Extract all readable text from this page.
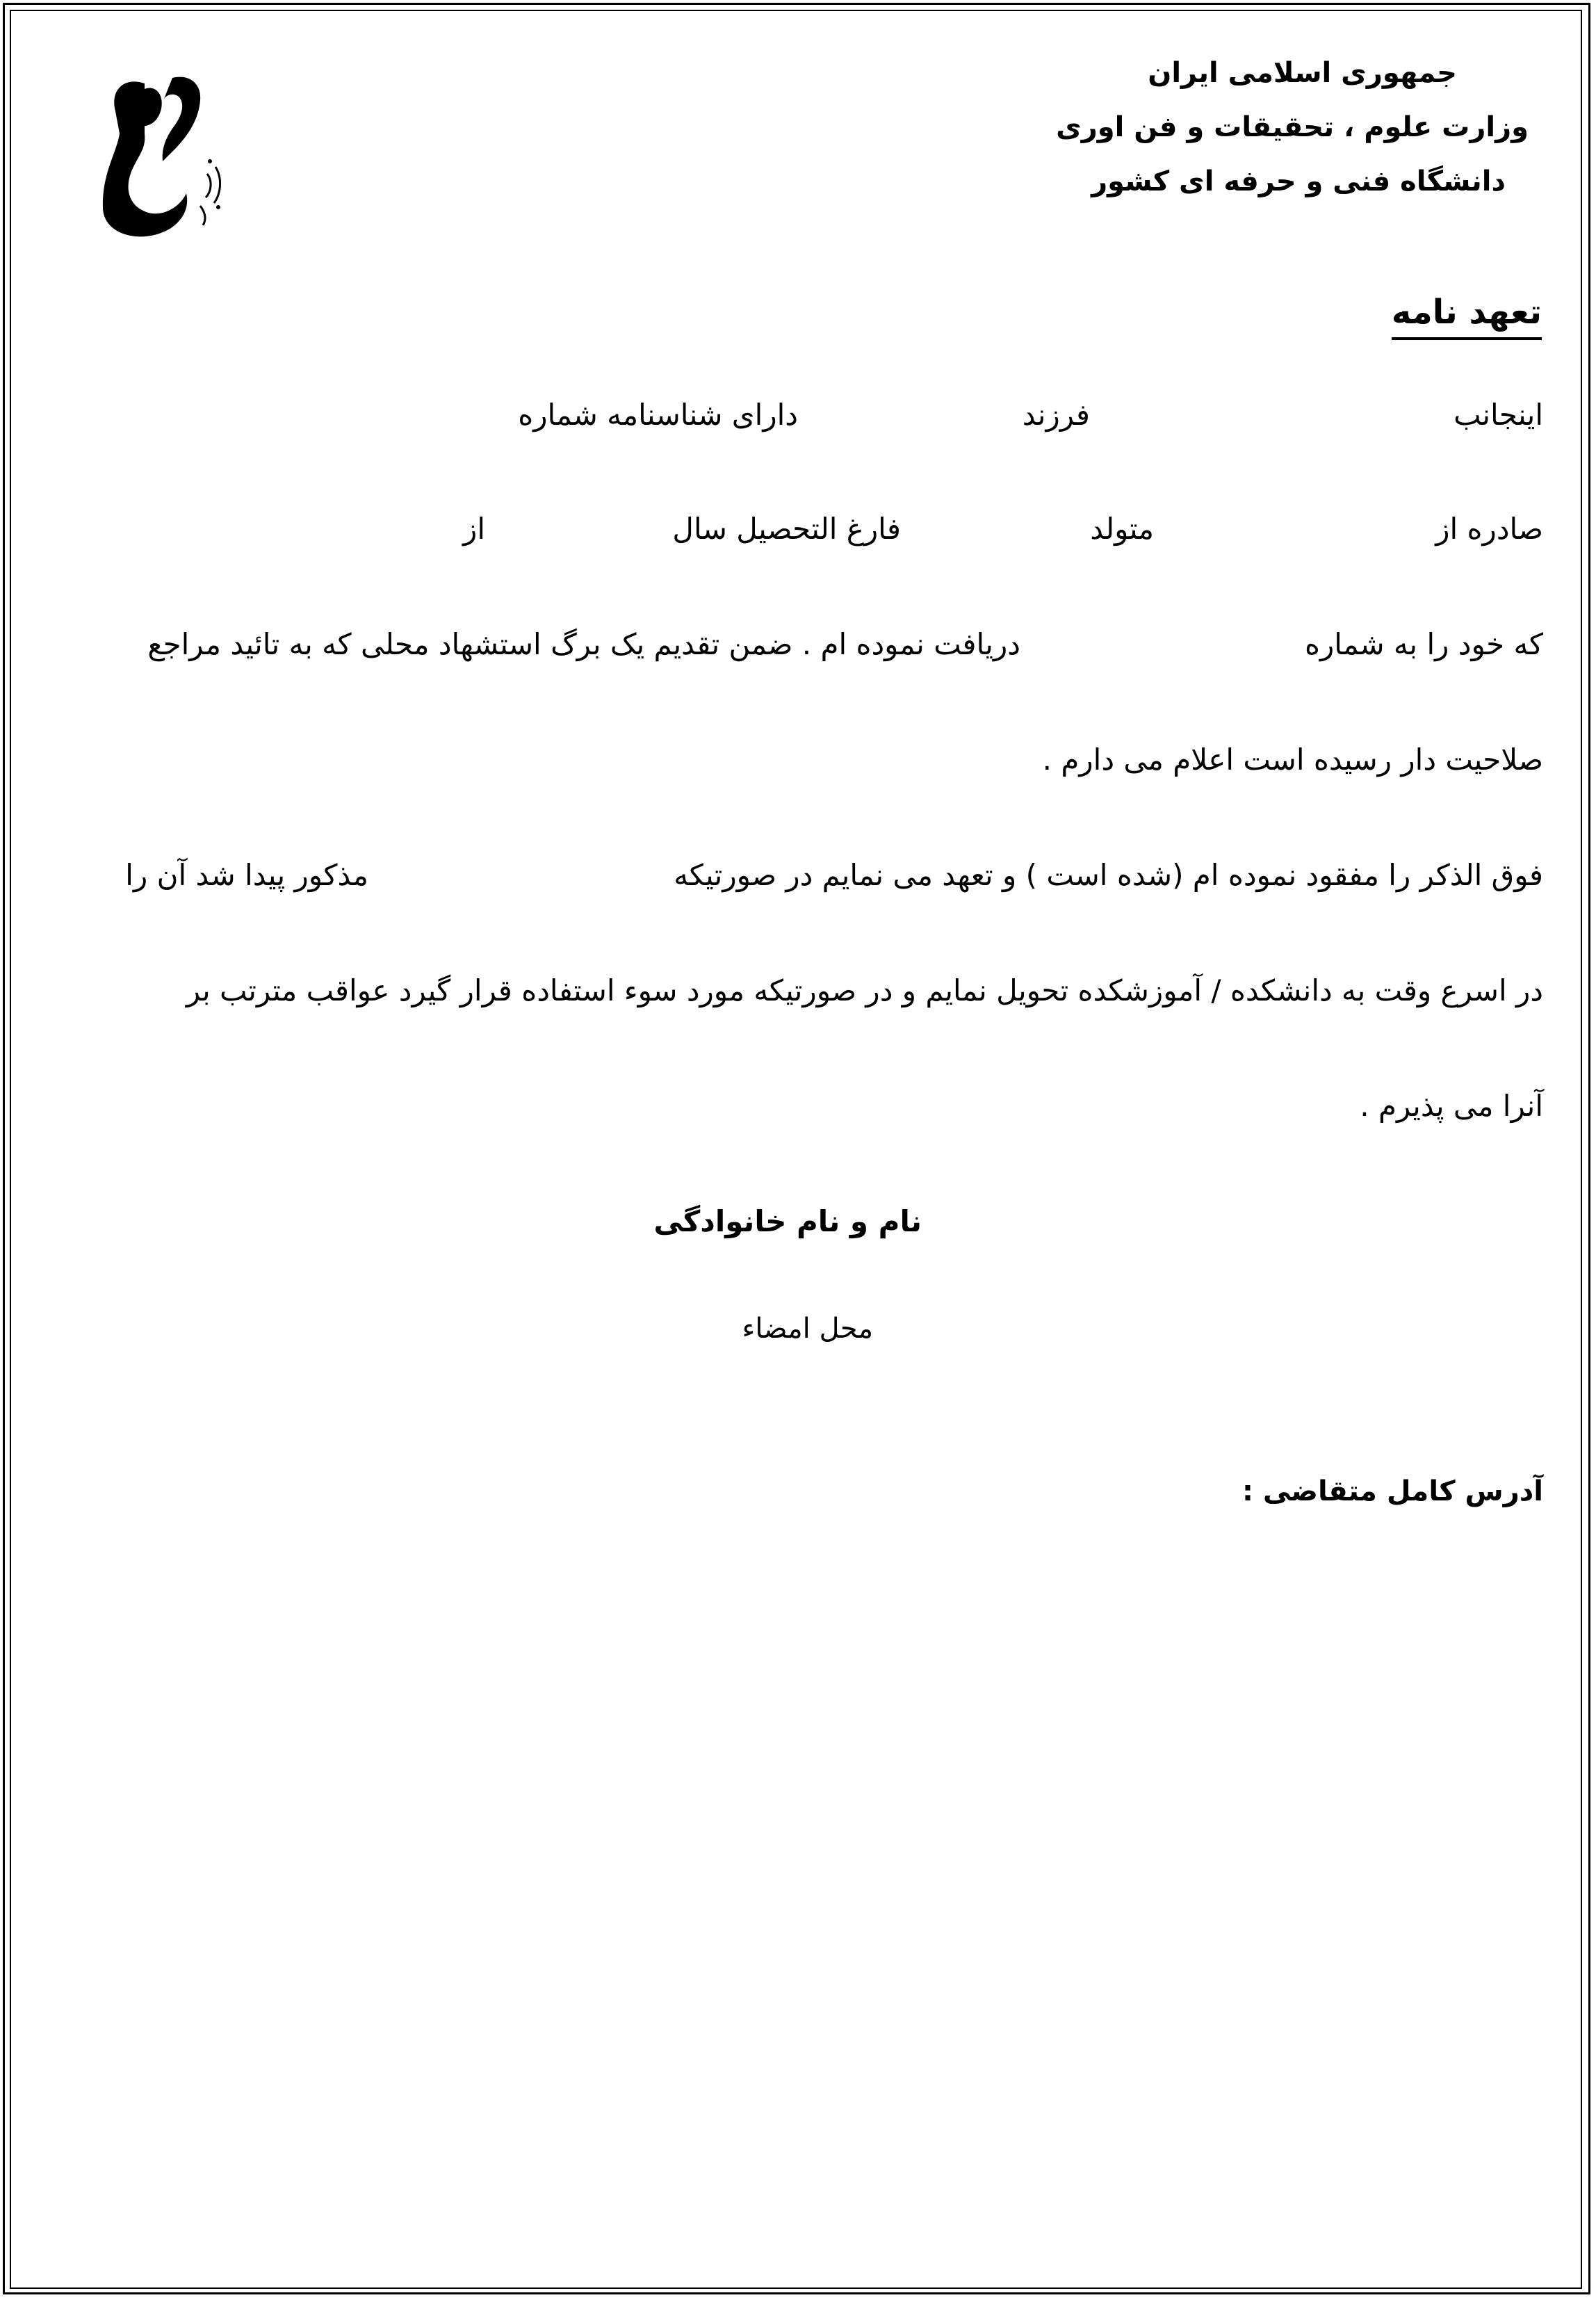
جمهوری اسلامی ایران
وزارت علوم ، تحقیقات و فن اوری
دانشگاه فنی و حرفه ای کشور
تعهد نامه
اینجانب
فرزند
دارای شناسنامه شماره
صادره از
متولد
فارغ التحصیل سال
از
که خود را به شماره
دریافت نموده ام . ضمن تقدیم یک برگ استشهاد محلی که به تائید مراجع
صلاحیت دار رسیده است اعلام می دارم .
فوق الذکر را مفقود نموده ام (شده است ) و تعهد می نمایم در صورتیکه
مذکور پیدا شد آن را
در اسرع وقت به دانشکده / آموزشکده تحویل نمایم و در صورتیکه مورد سوء استفاده قرار گیرد عواقب مترتب بر
آنرا می پذیرم .
نام و نام خانوادگی
محل امضاء
آدرس کامل متقاضی :
